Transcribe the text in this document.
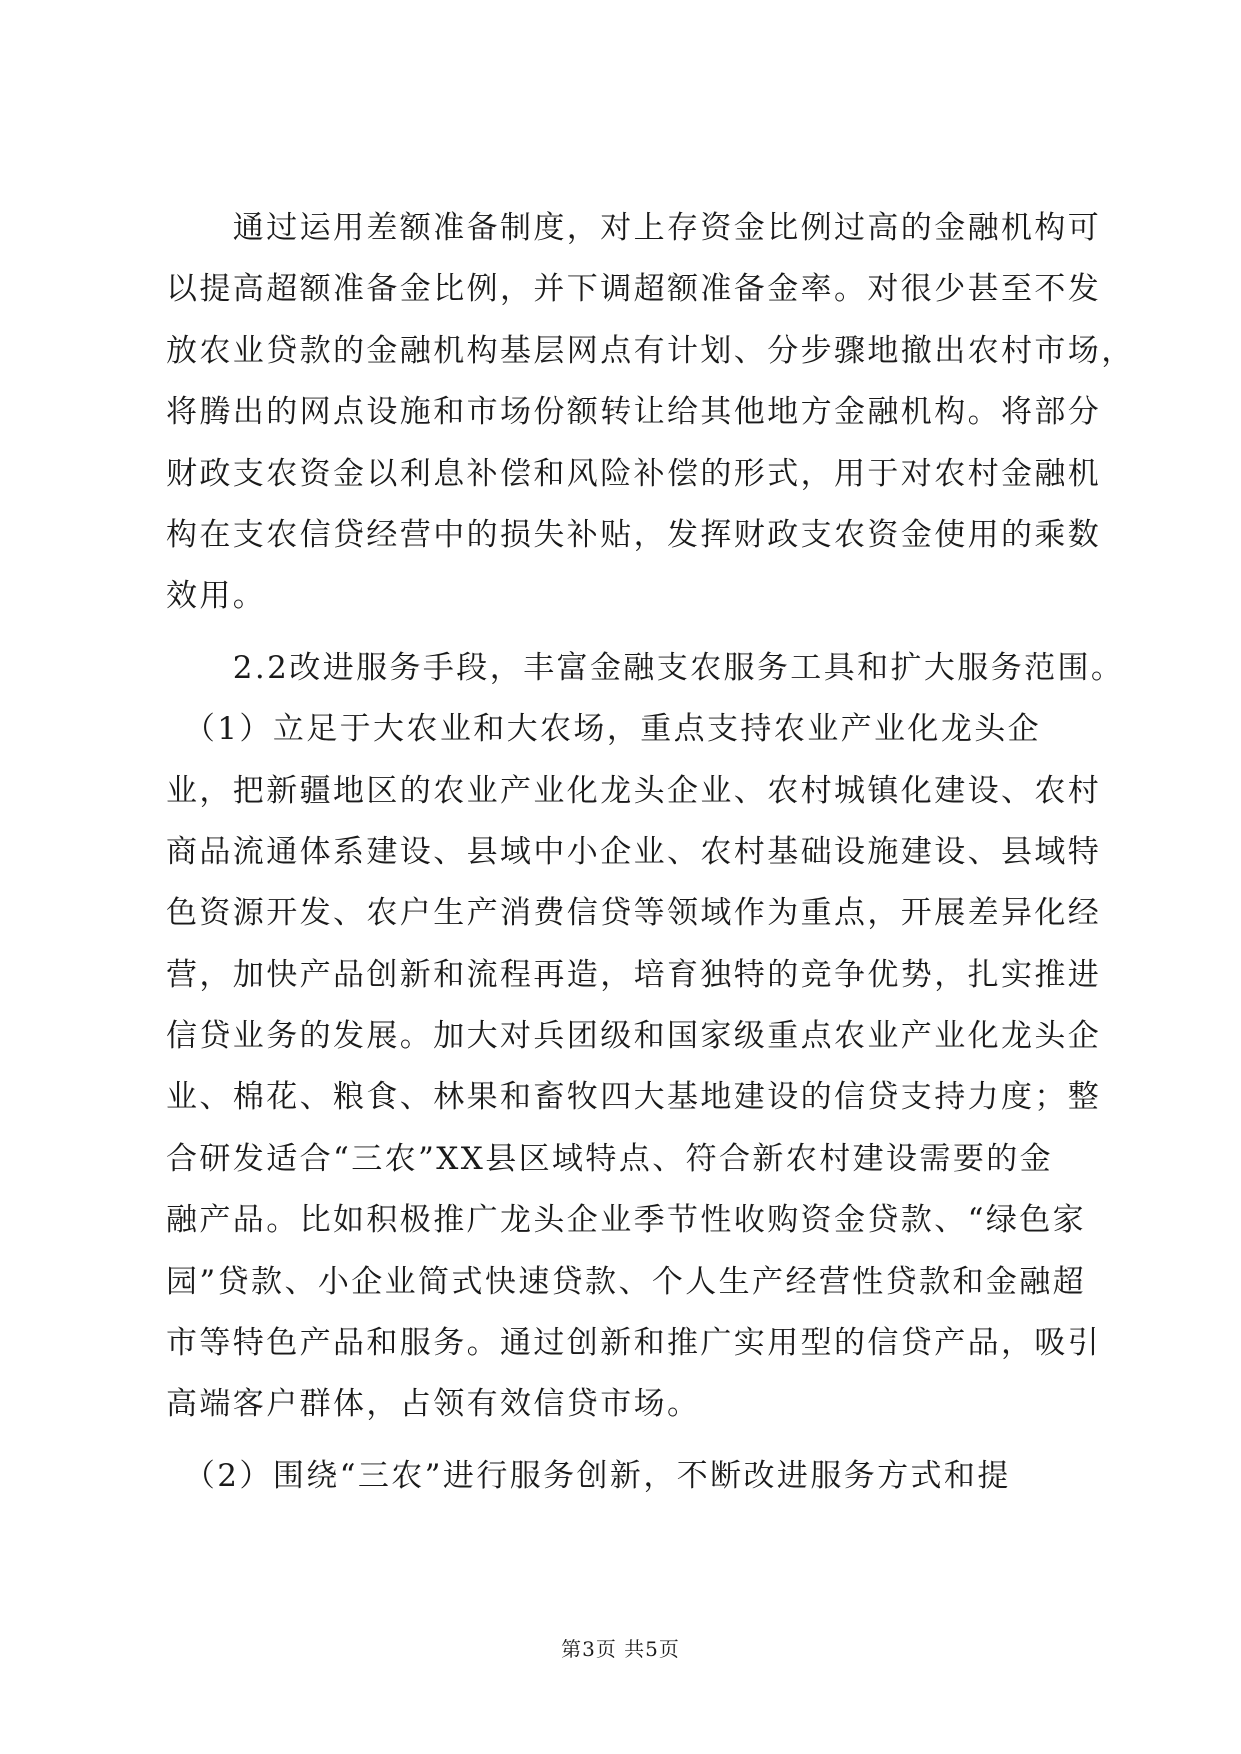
　　通过运用差额准备制度，对上存资金比例过高的金融机构可
以提高超额准备金比例，并下调超额准备金率。对很少甚至不发
放农业贷款的金融机构基层网点有计划、分步骤地撤出农村市场，
将腾出的网点设施和市场份额转让给其他地方金融机构。将部分
财政支农资金以利息补偿和风险补偿的形式，用于对农村金融机
构在支农信贷经营中的损失补贴，发挥财政支农资金使用的乘数
效用。
　　2.2改进服务手段，丰富金融支农服务工具和扩大服务范围。
　（1）立足于大农业和大农场，重点支持农业产业化龙头企
业，把新疆地区的农业产业化龙头企业、农村城镇化建设、农村
商品流通体系建设、县域中小企业、农村基础设施建设、县域特
色资源开发、农户生产消费信贷等领域作为重点，开展差异化经
营，加快产品创新和流程再造，培育独特的竞争优势，扎实推进
信贷业务的发展。加大对兵团级和国家级重点农业产业化龙头企
业、棉花、粮食、林果和畜牧四大基地建设的信贷支持力度；整
合研发适合“三农”XX县区域特点、符合新农村建设需要的金
融产品。比如积极推广龙头企业季节性收购资金贷款、“绿色家
园”贷款、小企业简式快速贷款、个人生产经营性贷款和金融超
市等特色产品和服务。通过创新和推广实用型的信贷产品，吸引
高端客户群体，占领有效信贷市场。
　（2）围绕“三农”进行服务创新，不断改进服务方式和提
第3页 共5页
